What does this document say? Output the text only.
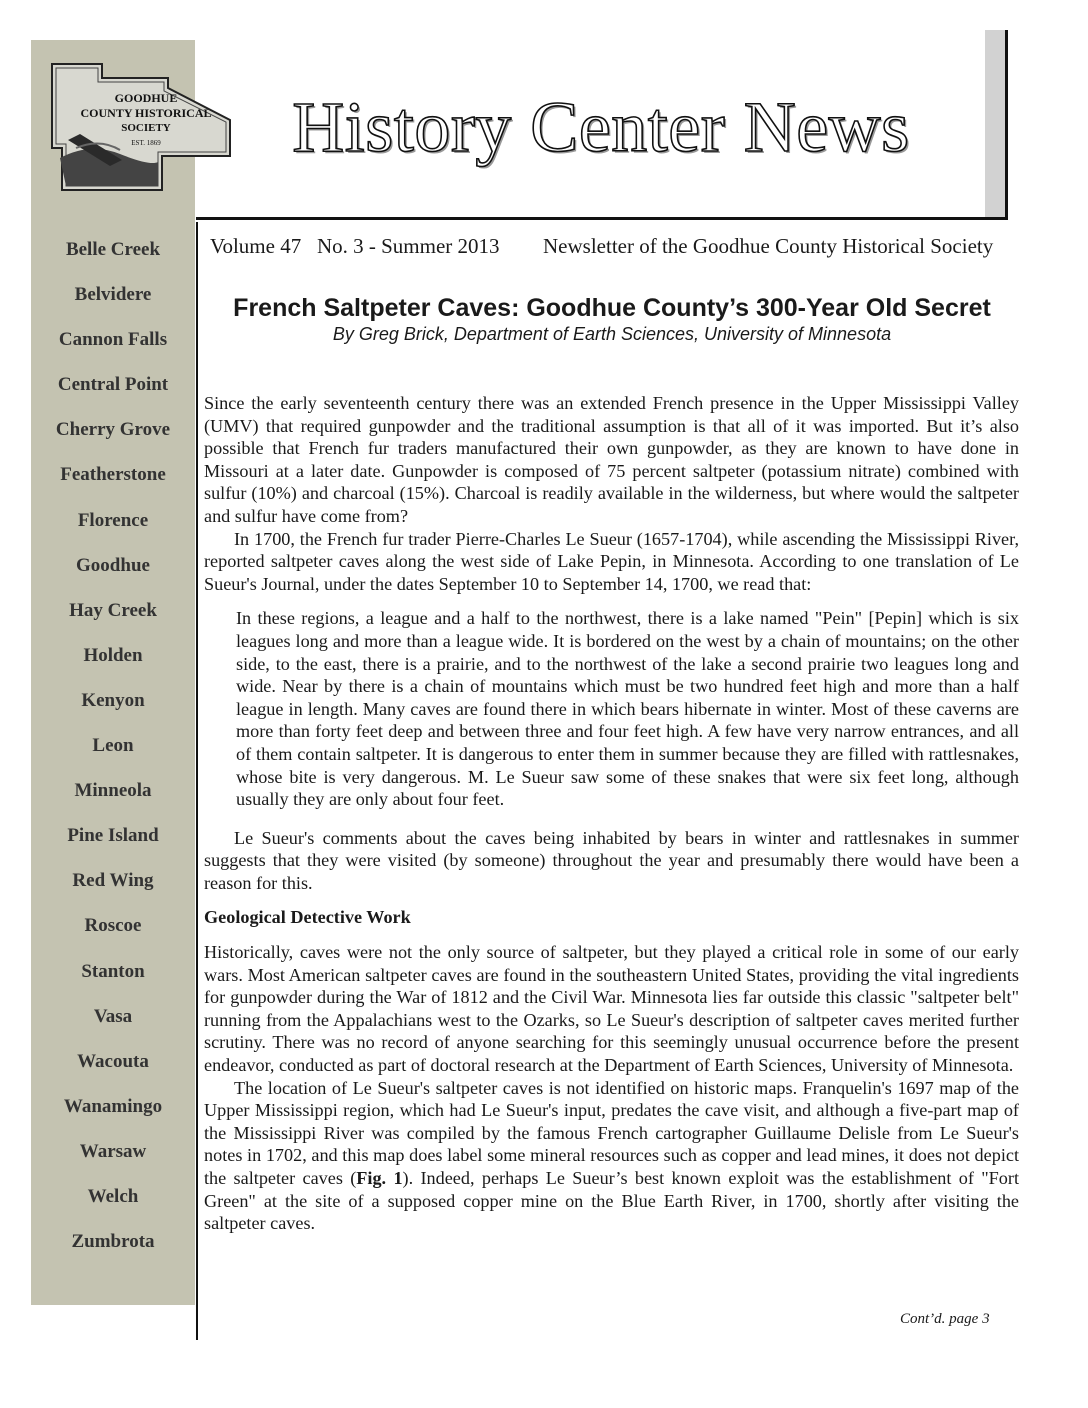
GOODHUE
COUNTY HISTORICAL
SOCIETY
EST. 1869	History Center News
Belle Creek
Belvidere
Cannon Falls
Central Point
Cherry Grove
Featherstone
Florence
Goodhue
Hay Creek
Holden
Kenyon
Leon
Minneola
Pine Island
Red Wing
Roscoe
Stanton
Vasa
Wacouta
Wanamingo
Warsaw
Welch
Zumbrota
Volume 47   No. 3 - Summer 2013 Newsletter of the Goodhue County Historical Society
French Saltpeter Caves: Goodhue County’s 300-Year Old Secret
By Greg Brick, Department of Earth Sciences, University of Minnesota

Since the early seventeenth century there was an extended French presence in the Upper Mississippi Valley (UMV) that required gunpowder and the traditional assumption is that all of it was imported. But it’s also possible that French fur traders manufactured their own gunpowder, as they are known to have done in Missouri at a later date. Gunpowder is composed of 75 percent saltpeter (potassium nitrate) combined with sulfur (10%) and charcoal (15%). Charcoal is readily available in the wilderness, but where would the saltpeter and sulfur have come from?

In 1700, the French fur trader Pierre-Charles Le Sueur (1657-1704), while ascending the Mississippi River, reported saltpeter caves along the west side of Lake Pepin, in Minnesota. According to one translation of Le Sueur's Journal, under the dates September 10 to September 14, 1700, we read that:

In these regions, a league and a half to the northwest, there is a lake named "Pein" [Pepin] which is six leagues long and more than a league wide. It is bordered on the west by a chain of mountains; on the other side, to the east, there is a prairie, and to the northwest of the lake a second prairie two leagues long and wide. Near by there is a chain of mountains which must be two hundred feet high and more than a half league in length. Many caves are found there in which bears hibernate in winter. Most of these caverns are more than forty feet deep and between three and four feet high. A few have very narrow entrances, and all of them contain saltpeter. It is dangerous to enter them in summer because they are filled with rattlesnakes, whose bite is very dangerous. M. Le Sueur saw some of these snakes that were six feet long, although usually they are only about four feet.

Le Sueur's comments about the caves being inhabited by bears in winter and rattlesnakes in summer suggests that they were visited (by someone) throughout the year and presumably there would have been a reason for this.

Geological Detective Work

Historically, caves were not the only source of saltpeter, but they played a critical role in some of our early wars. Most American saltpeter caves are found in the southeastern United States, providing the vital ingredients for gunpowder during the War of 1812 and the Civil War. Minnesota lies far outside this classic "saltpeter belt" running from the Appalachians west to the Ozarks, so Le Sueur's description of saltpeter caves merited further scrutiny. There was no record of anyone searching for this seemingly unusual occurrence before the present endeavor, conducted as part of doctoral research at the Department of Earth Sciences, University of Minnesota.

The location of Le Sueur's saltpeter caves is not identified on historic maps. Franquelin's 1697 map of the Upper Mississippi region, which had Le Sueur's input, predates the cave visit, and although a five-part map of the Mississippi River was compiled by the famous French cartographer Guillaume Delisle from Le Sueur's notes in 1702, and this map does label some mineral resources such as copper and lead mines, it does not depict the saltpeter caves (Fig. 1). Indeed, perhaps Le Sueur’s best known exploit was the establishment of "Fort Green" at the site of a supposed copper mine on the Blue Earth River, in 1700, shortly after visiting the saltpeter caves.

Cont’d. page 3
